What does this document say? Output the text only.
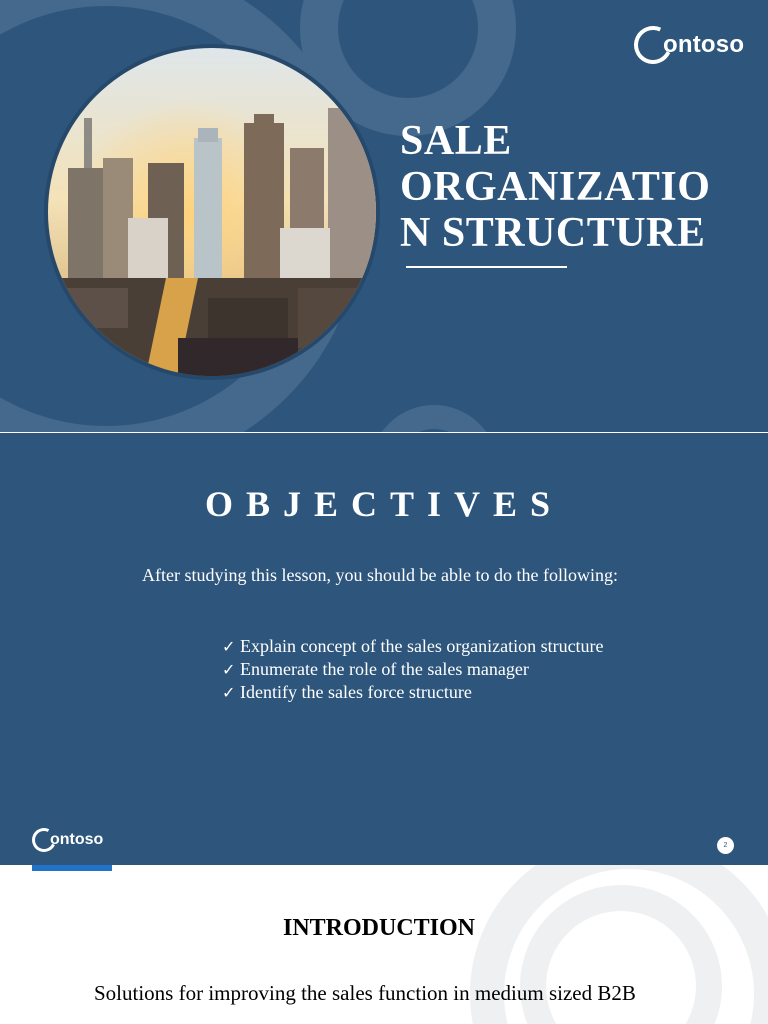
SALE ORGANIZATIO N STRUCTURE
ontoso
OBJECTIVES

After studying this lesson, you should be able to do the following:

✓ Explain concept of the sales organization structure
✓ Enumerate the role of the sales manager
✓ Identify the sales force structure
ontoso	2
INTRODUCTION

Solutions for improving the sales function in medium sized B2B
